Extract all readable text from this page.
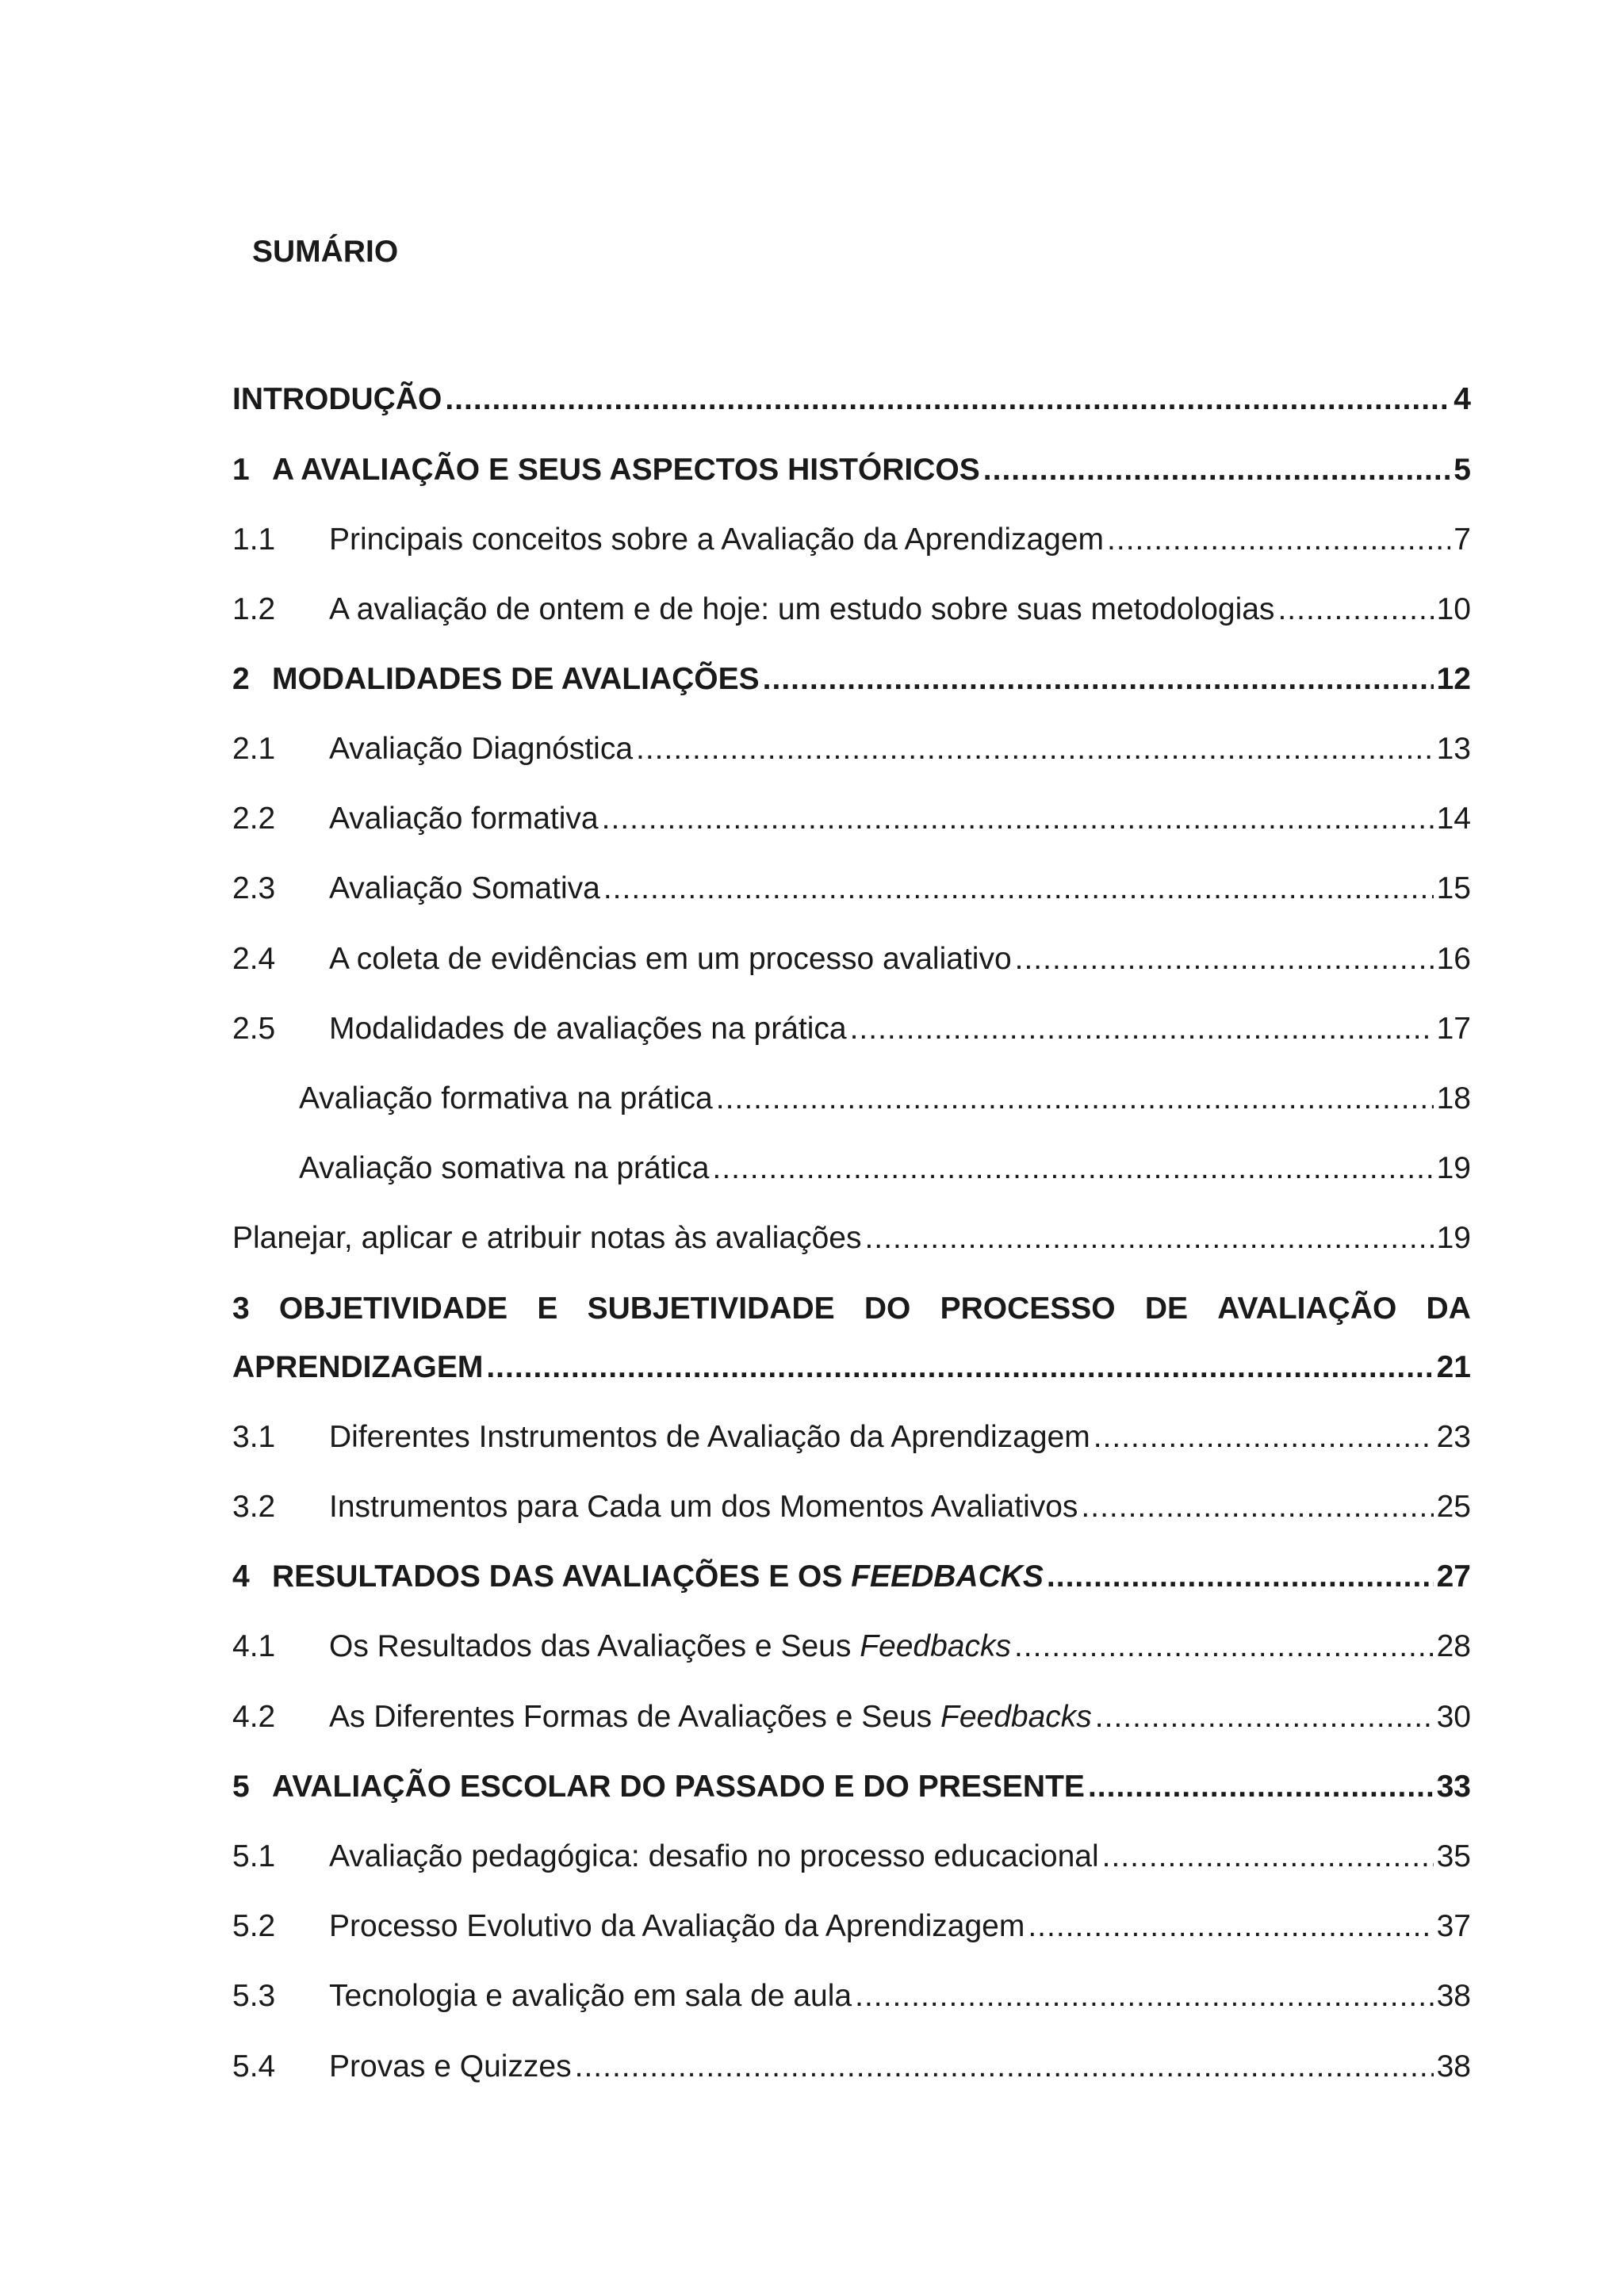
SUMÁRIO
INTRODUÇÃO .....	4
1 A AVALIAÇÃO E SEUS ASPECTOS HISTÓRICOS .....	5
1.1	Principais conceitos sobre a Avaliação da Aprendizagem .....	7
1.2	A avaliação de ontem e de hoje: um estudo sobre suas metodologias .....	10
2 MODALIDADES DE AVALIAÇÕES .....	12
2.1	Avaliação Diagnóstica .....	13
2.2	Avaliação formativa .....	14
2.3	Avaliação Somativa .....	15
2.4	A coleta de evidências em um processo avaliativo .....	16
2.5	Modalidades de avaliações na prática .....	17
Avaliação formativa na prática .....	18
Avaliação somativa na prática .....	19
Planejar, aplicar e atribuir notas às avaliações .....	19
3 OBJETIVIDADE E SUBJETIVIDADE DO PROCESSO DE AVALIAÇÃO DA
APRENDIZAGEM .....	21
3.1	Diferentes Instrumentos de Avaliação da Aprendizagem .....	23
3.2	Instrumentos para Cada um dos Momentos Avaliativos .....	25
4 RESULTADOS DAS AVALIAÇÕES E OS FEEDBACKS .....	27
4.1	Os Resultados das Avaliações e Seus Feedbacks .....	28
4.2	As Diferentes Formas de Avaliações e Seus Feedbacks .....	30
5 AVALIAÇÃO ESCOLAR DO PASSADO E DO PRESENTE .....	33
5.1	Avaliação pedagógica: desafio no processo educacional .....	35
5.2	Processo Evolutivo da Avaliação da Aprendizagem .....	37
5.3	Tecnologia e avalição em sala de aula .....	38
5.4	Provas e Quizzes .....	38
